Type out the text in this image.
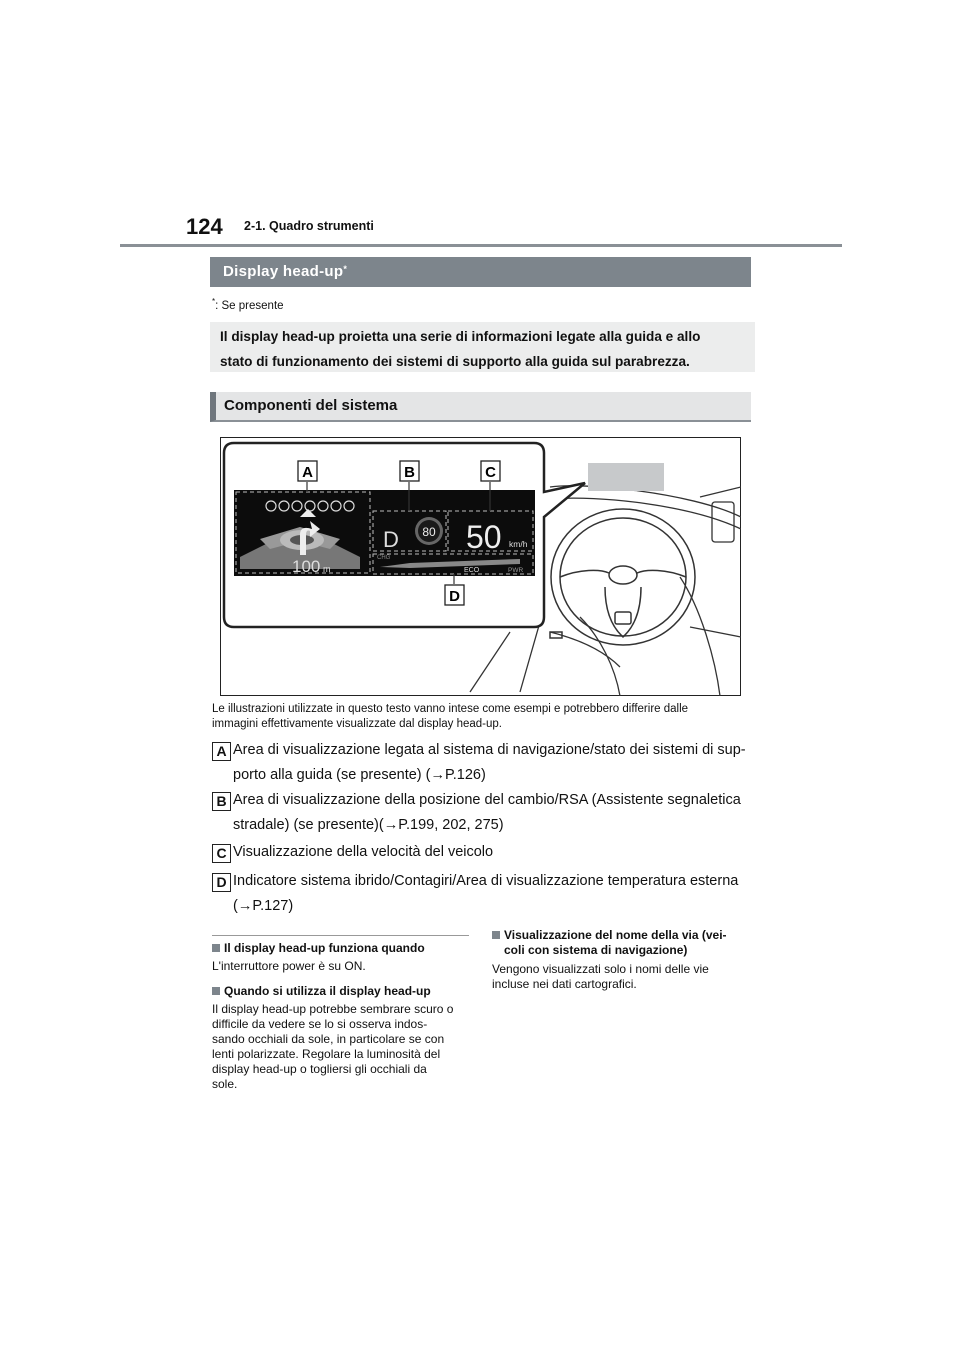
124 2-1. Quadro strumenti
Display head-up*
*: Se presente
Il display head-up proietta una serie di informazioni legate alla guida e allo
stato di funzionamento dei sistemi di supporto alla guida sul parabrezza.
Componenti del sistema
100 m
D 80 50 km/h
CHG
ECO	PWR
A	B	C
D
Le illustrazioni utilizzate in questo testo vanno intese come esempi e potrebbero differire dalle
immagini effettivamente visualizzate dal display head-up.
A Area di visualizzazione legata al sistema di navigazione/stato dei sistemi di sup-
porto alla guida (se presente) (→P.126)
B Area di visualizzazione della posizione del cambio/RSA (Assistente segnaletica
stradale) (se presente)(→P.199, 202, 275)
C Visualizzazione della velocità del veicolo
D Indicatore sistema ibrido/Contagiri/Area di visualizzazione temperatura esterna
(→P.127)
Il display head-up funziona quando
L'interruttore power è su ON.
Quando si utilizza il display head-up
Il display head-up potrebbe sembrare scuro o
difficile da vedere se lo si osserva indos-
sando occhiali da sole, in particolare se con
lenti polarizzate. Regolare la luminosità del
display head-up o togliersi gli occhiali da
sole.
Visualizzazione del nome della via (vei-
coli con sistema di navigazione)
Vengono visualizzati solo i nomi delle vie
incluse nei dati cartografici.
